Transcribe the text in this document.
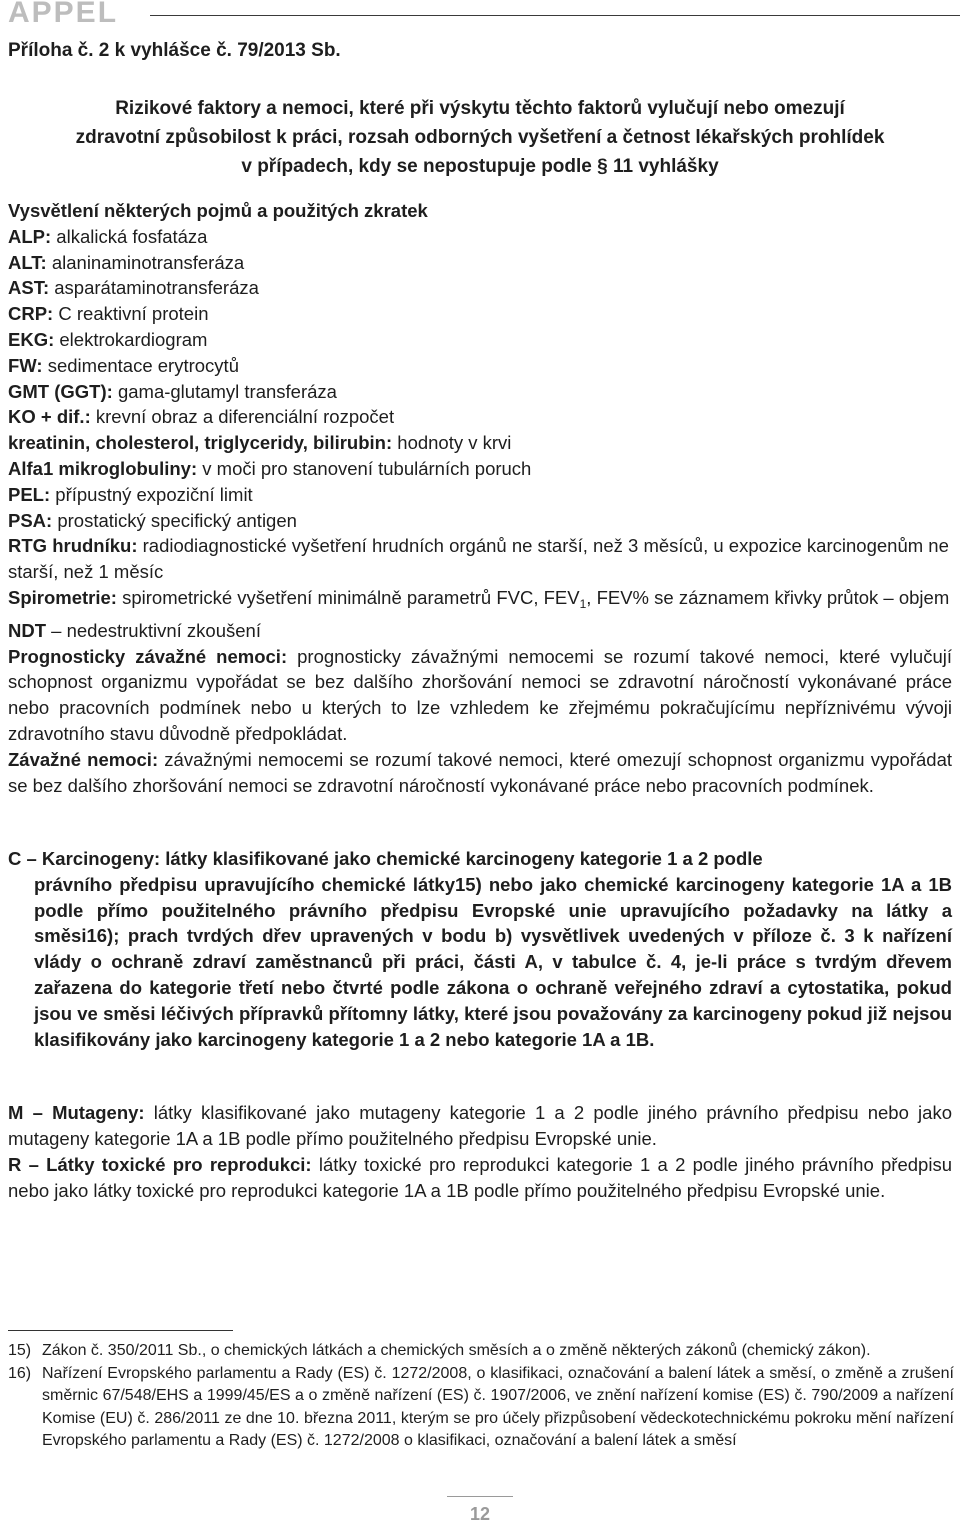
APPEL
Příloha č. 2 k vyhlášce č. 79/2013 Sb.
Rizikové faktory a nemoci, které při výskytu těchto faktorů vylučují nebo omezují
zdravotní způsobilost k práci, rozsah odborných vyšetření a četnost lékařských prohlídek
v případech, kdy se nepostupuje podle § 11 vyhlášky

Vysvětlení některých pojmů a použitých zkratek

ALP: alkalická fosfatáza

ALT: alaninaminotransferáza

AST: asparátaminotransferáza

CRP: C reaktivní protein

EKG: elektrokardiogram

FW: sedimentace erytrocytů

GMT (GGT): gama-glutamyl transferáza

KO + dif.: krevní obraz a diferenciální rozpočet

kreatinin, cholesterol, triglyceridy, bilirubin: hodnoty v krvi

Alfa1 mikroglobuliny: v moči pro stanovení tubulárních poruch

PEL: přípustný expoziční limit

PSA: prostatický specifický antigen

RTG hrudníku: radiodiagnostické vyšetření hrudních orgánů ne starší, než 3 měsíců, u expozice karcinogenům ne starší, než 1 měsíc

Spirometrie: spirometrické vyšetření minimálně parametrů FVC, $FEV_1$, FEV% se záznamem křivky průtok – objem

NDT – nedestruktivní zkoušení

Prognosticky závažné nemoci: prognosticky závažnými nemocemi se rozumí takové nemoci, které vylučují schopnost organizmu vypořádat se bez dalšího zhoršování nemoci se zdravotní náročností vykonávané práce nebo pracovních podmínek nebo u kterých to lze vzhledem ke zřejmému pokračujícímu nepříznivému vývoji zdravotního stavu důvodně předpokládat.

Závažné nemoci: závažnými nemocemi se rozumí takové nemoci, které omezují schopnost organizmu vypořádat se bez dalšího zhoršování nemoci se zdravotní náročností vykonávané práce nebo pracovních podmínek.

C – Karcinogeny: látky klasifikované jako chemické karcinogeny kategorie 1 a 2 podle
právního předpisu upravujícího chemické látky15) nebo jako chemické karcinogeny kategorie 1A a 1B podle přímo použitelného právního předpisu Evropské unie upravujícího požadavky na látky a směsi16); prach tvrdých dřev upravených v bodu b) vysvětlivek uvedených v příloze č. 3 k nařízení vlády o ochraně zdraví zaměstnanců při práci, části A, v tabulce č. 4, je-li práce s tvrdým dřevem zařazena do kategorie třetí nebo čtvrté podle zákona o ochraně veřejného zdraví a cytostatika, pokud jsou ve směsi léčivých přípravků přítomny látky, které jsou považovány za karcinogeny pokud již nejsou klasifikovány jako karcinogeny kategorie 1 a 2 nebo kategorie 1A a 1B.
M – Mutageny: látky klasifikované jako mutageny kategorie 1 a 2 podle jiného právního předpisu nebo jako mutageny kategorie 1A a 1B podle přímo použitelného předpisu Evropské unie.
R – Látky toxické pro reprodukci: látky toxické pro reprodukci kategorie 1 a 2 podle jiného právního předpisu nebo jako látky toxické pro reprodukci kategorie 1A a 1B podle přímo použitelného předpisu Evropské unie.
15) Zákon č. 350/2011 Sb., o chemických látkách a chemických směsích a o změně některých zákonů (chemický zákon).
16) Nařízení Evropského parlamentu a Rady (ES) č. 1272/2008, o klasifikaci, označování a balení látek a směsí, o změně a zrušení směrnic 67/548/EHS a 1999/45/ES a o změně nařízení (ES) č. 1907/2006, ve znění nařízení komise (ES) č. 790/2009 a nařízení Komise (EU) č. 286/2011 ze dne 10. března 2011, kterým se pro účely přizpůsobení vědeckotechnickému pokroku mění nařízení Evropského parlamentu a Rady (ES) č. 1272/2008 o klasifikaci, označování a balení látek a směsí
12
